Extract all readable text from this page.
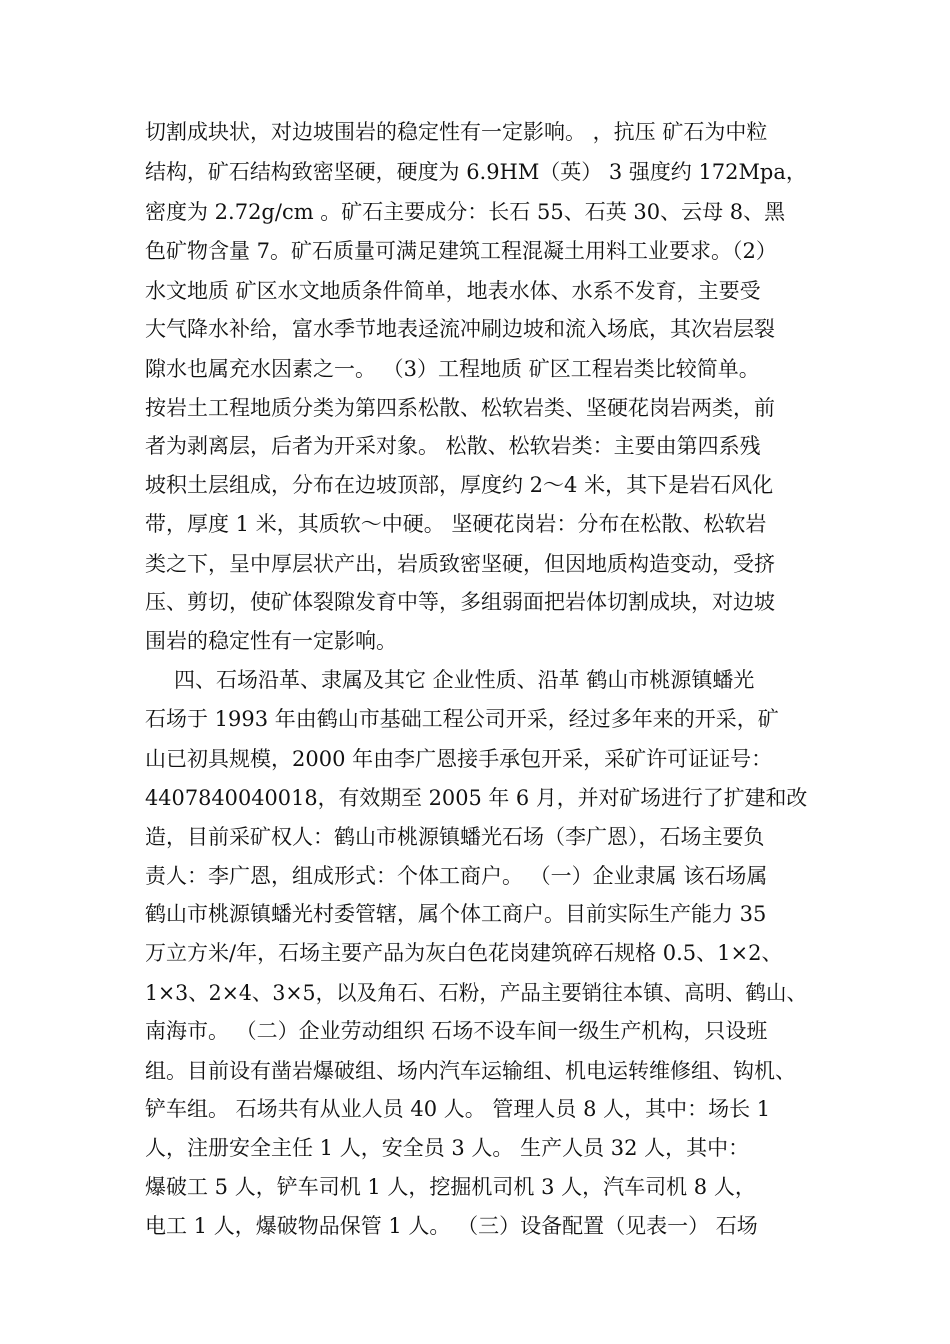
切割成块状，对边坡围岩的稳定性有一定影响。 ，抗压 矿石为中粒
结构，矿石结构致密坚硬，硬度为 6.9HM（英） 3 强度约 172Mpa，
密度为 2.72g/cm 。矿石主要成分：长石 55、石英 30、云母 8、黑
色矿物含量 7。矿石质量可满足建筑工程混凝土用料工业要求。（2）
水文地质 矿区水文地质条件简单，地表水体、水系不发育，主要受
大气降水补给，富水季节地表迳流冲刷边坡和流入场底，其次岩层裂
隙水也属充水因素之一。 （3）工程地质 矿区工程岩类比较简单。
按岩土工程地质分类为第四系松散、松软岩类、坚硬花岗岩两类，前
者为剥离层，后者为开采对象。 松散、松软岩类：主要由第四系残
坡积土层组成，分布在边坡顶部，厚度约 2～4 米，其下是岩石风化
带，厚度 1 米，其质软～中硬。 坚硬花岗岩：分布在松散、松软岩
类之下，呈中厚层状产出，岩质致密坚硬，但因地质构造变动，受挤
压、剪切，使矿体裂隙发育中等，多组弱面把岩体切割成块，对边坡
围岩的稳定性有一定影响。
四、石场沿革、隶属及其它 企业性质、沿革 鹤山市桃源镇蟠光
石场于 1993 年由鹤山市基础工程公司开采，经过多年来的开采，矿
山已初具规模，2000 年由李广恩接手承包开采，采矿许可证证号：
4407840040018，有效期至 2005 年 6 月，并对矿场进行了扩建和改
造，目前采矿权人：鹤山市桃源镇蟠光石场（李广恩），石场主要负
责人：李广恩，组成形式：个体工商户。 （一）企业隶属 该石场属
鹤山市桃源镇蟠光村委管辖，属个体工商户。目前实际生产能力 35
万立方米/年，石场主要产品为灰白色花岗建筑碎石规格 0.5、1×2、
1×3、2×4、3×5，以及角石、石粉，产品主要销往本镇、高明、鹤山、
南海市。 （二）企业劳动组织 石场不设车间一级生产机构，只设班
组。目前设有凿岩爆破组、场内汽车运输组、机电运转维修组、钩机、
铲车组。 石场共有从业人员 40 人。 管理人员 8 人，其中：场长 1
人，注册安全主任 1 人，安全员 3 人。 生产人员 32 人，其中：
爆破工 5 人，铲车司机 1 人，挖掘机司机 3 人，汽车司机 8 人，
电工 1 人，爆破物品保管 1 人。 （三）设备配置（见表一） 石场
